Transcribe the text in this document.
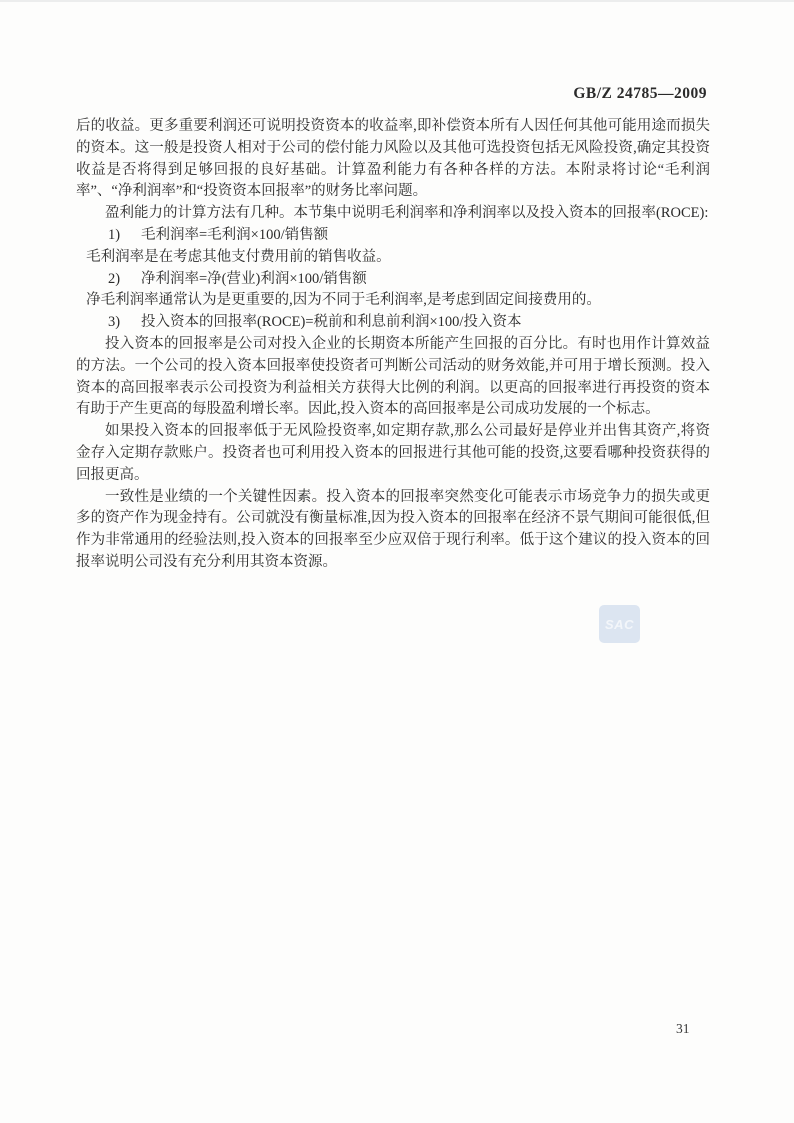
GB/Z 24785—2009

后的收益。更多重要利润还可说明投资资本的收益率,即补偿资本所有人因任何其他可能用途而损失的资本。这一般是投资人相对于公司的偿付能力风险以及其他可选投资包括无风险投资,确定其投资收益是否将得到足够回报的良好基础。计算盈利能力有各种各样的方法。本附录将讨论“毛利润率”、“净利润率”和“投资资本回报率”的财务比率问题。

盈利能力的计算方法有几种。本节集中说明毛利润率和净利润率以及投入资本的回报率(ROCE):

1) 毛利润率=毛利润×100/销售额

毛利润率是在考虑其他支付费用前的销售收益。

2) 净利润率=净(营业)利润×100/销售额

净毛利润率通常认为是更重要的,因为不同于毛利润率,是考虑到固定间接费用的。

3) 投入资本的回报率(ROCE)=税前和利息前利润×100/投入资本

投入资本的回报率是公司对投入企业的长期资本所能产生回报的百分比。有时也用作计算效益的方法。一个公司的投入资本回报率使投资者可判断公司活动的财务效能,并可用于增长预测。投入资本的高回报率表示公司投资为利益相关方获得大比例的利润。以更高的回报率进行再投资的资本有助于产生更高的每股盈利增长率。因此,投入资本的高回报率是公司成功发展的一个标志。

如果投入资本的回报率低于无风险投资率,如定期存款,那么公司最好是停业并出售其资产,将资金存入定期存款账户。投资者也可利用投入资本的回报进行其他可能的投资,这要看哪种投资获得的回报更高。

一致性是业绩的一个关键性因素。投入资本的回报率突然变化可能表示市场竞争力的损失或更多的资产作为现金持有。公司就没有衡量标准,因为投入资本的回报率在经济不景气期间可能很低,但作为非常通用的经验法则,投入资本的回报率至少应双倍于现行利率。低于这个建议的投入资本的回报率说明公司没有充分利用其资本资源。

SAC
31
